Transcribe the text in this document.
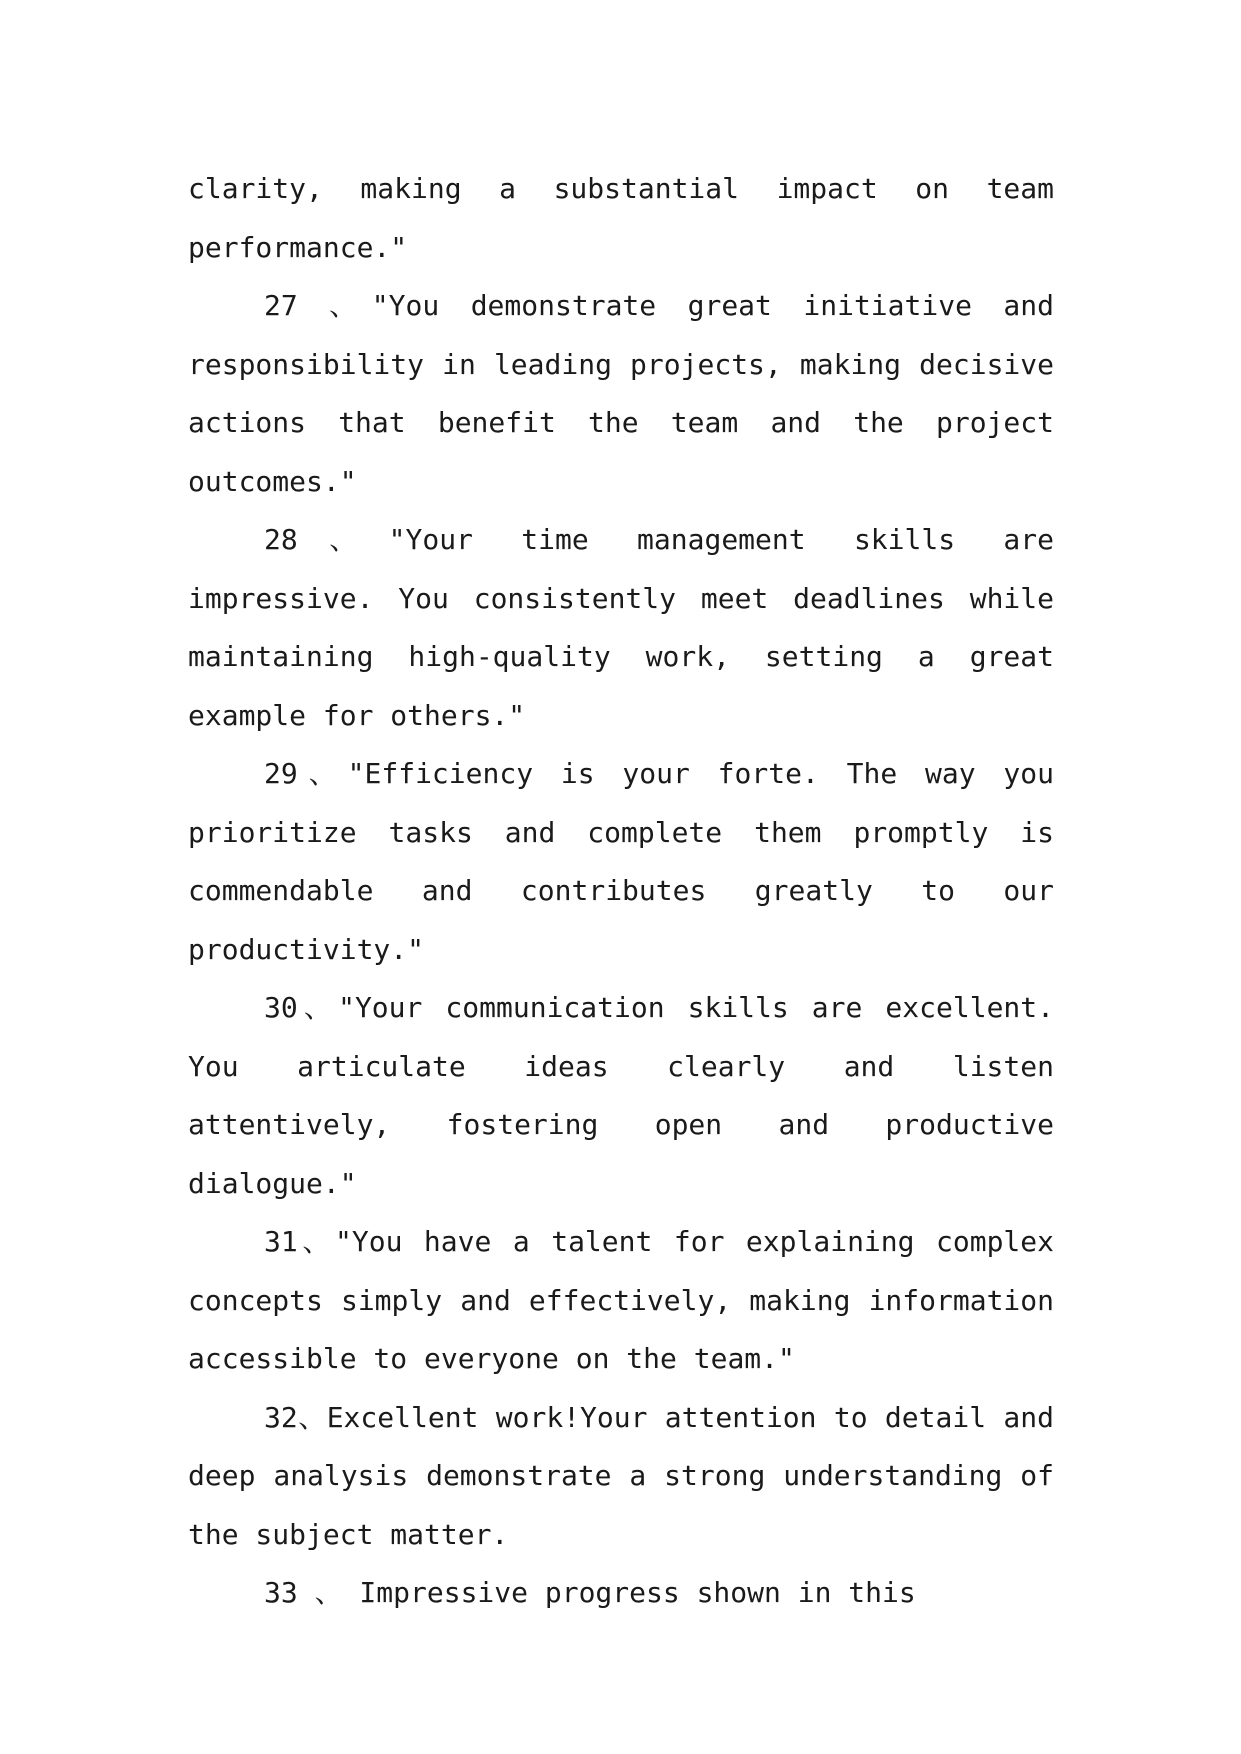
clarity, making a substantial impact on team performance."

27 、"You demonstrate great initiative and responsibility in leading projects, making decisive actions that benefit the team and the project outcomes."

28、"Your time management skills are impressive. You consistently meet deadlines while maintaining high-quality work, setting a great example for others."

29、"Efficiency is your forte. The way you prioritize tasks and complete them promptly is commendable and contributes greatly to our productivity."

30、"Your communication skills are excellent. You articulate ideas clearly and listen attentively, fostering open and productive dialogue."

31、"You have a talent for explaining complex concepts simply and effectively, making information accessible to everyone on the team."

32、Excellent work!Your attention to detail and deep analysis demonstrate a strong understanding of the subject matter.

33 、 Impressive progress shown in this
